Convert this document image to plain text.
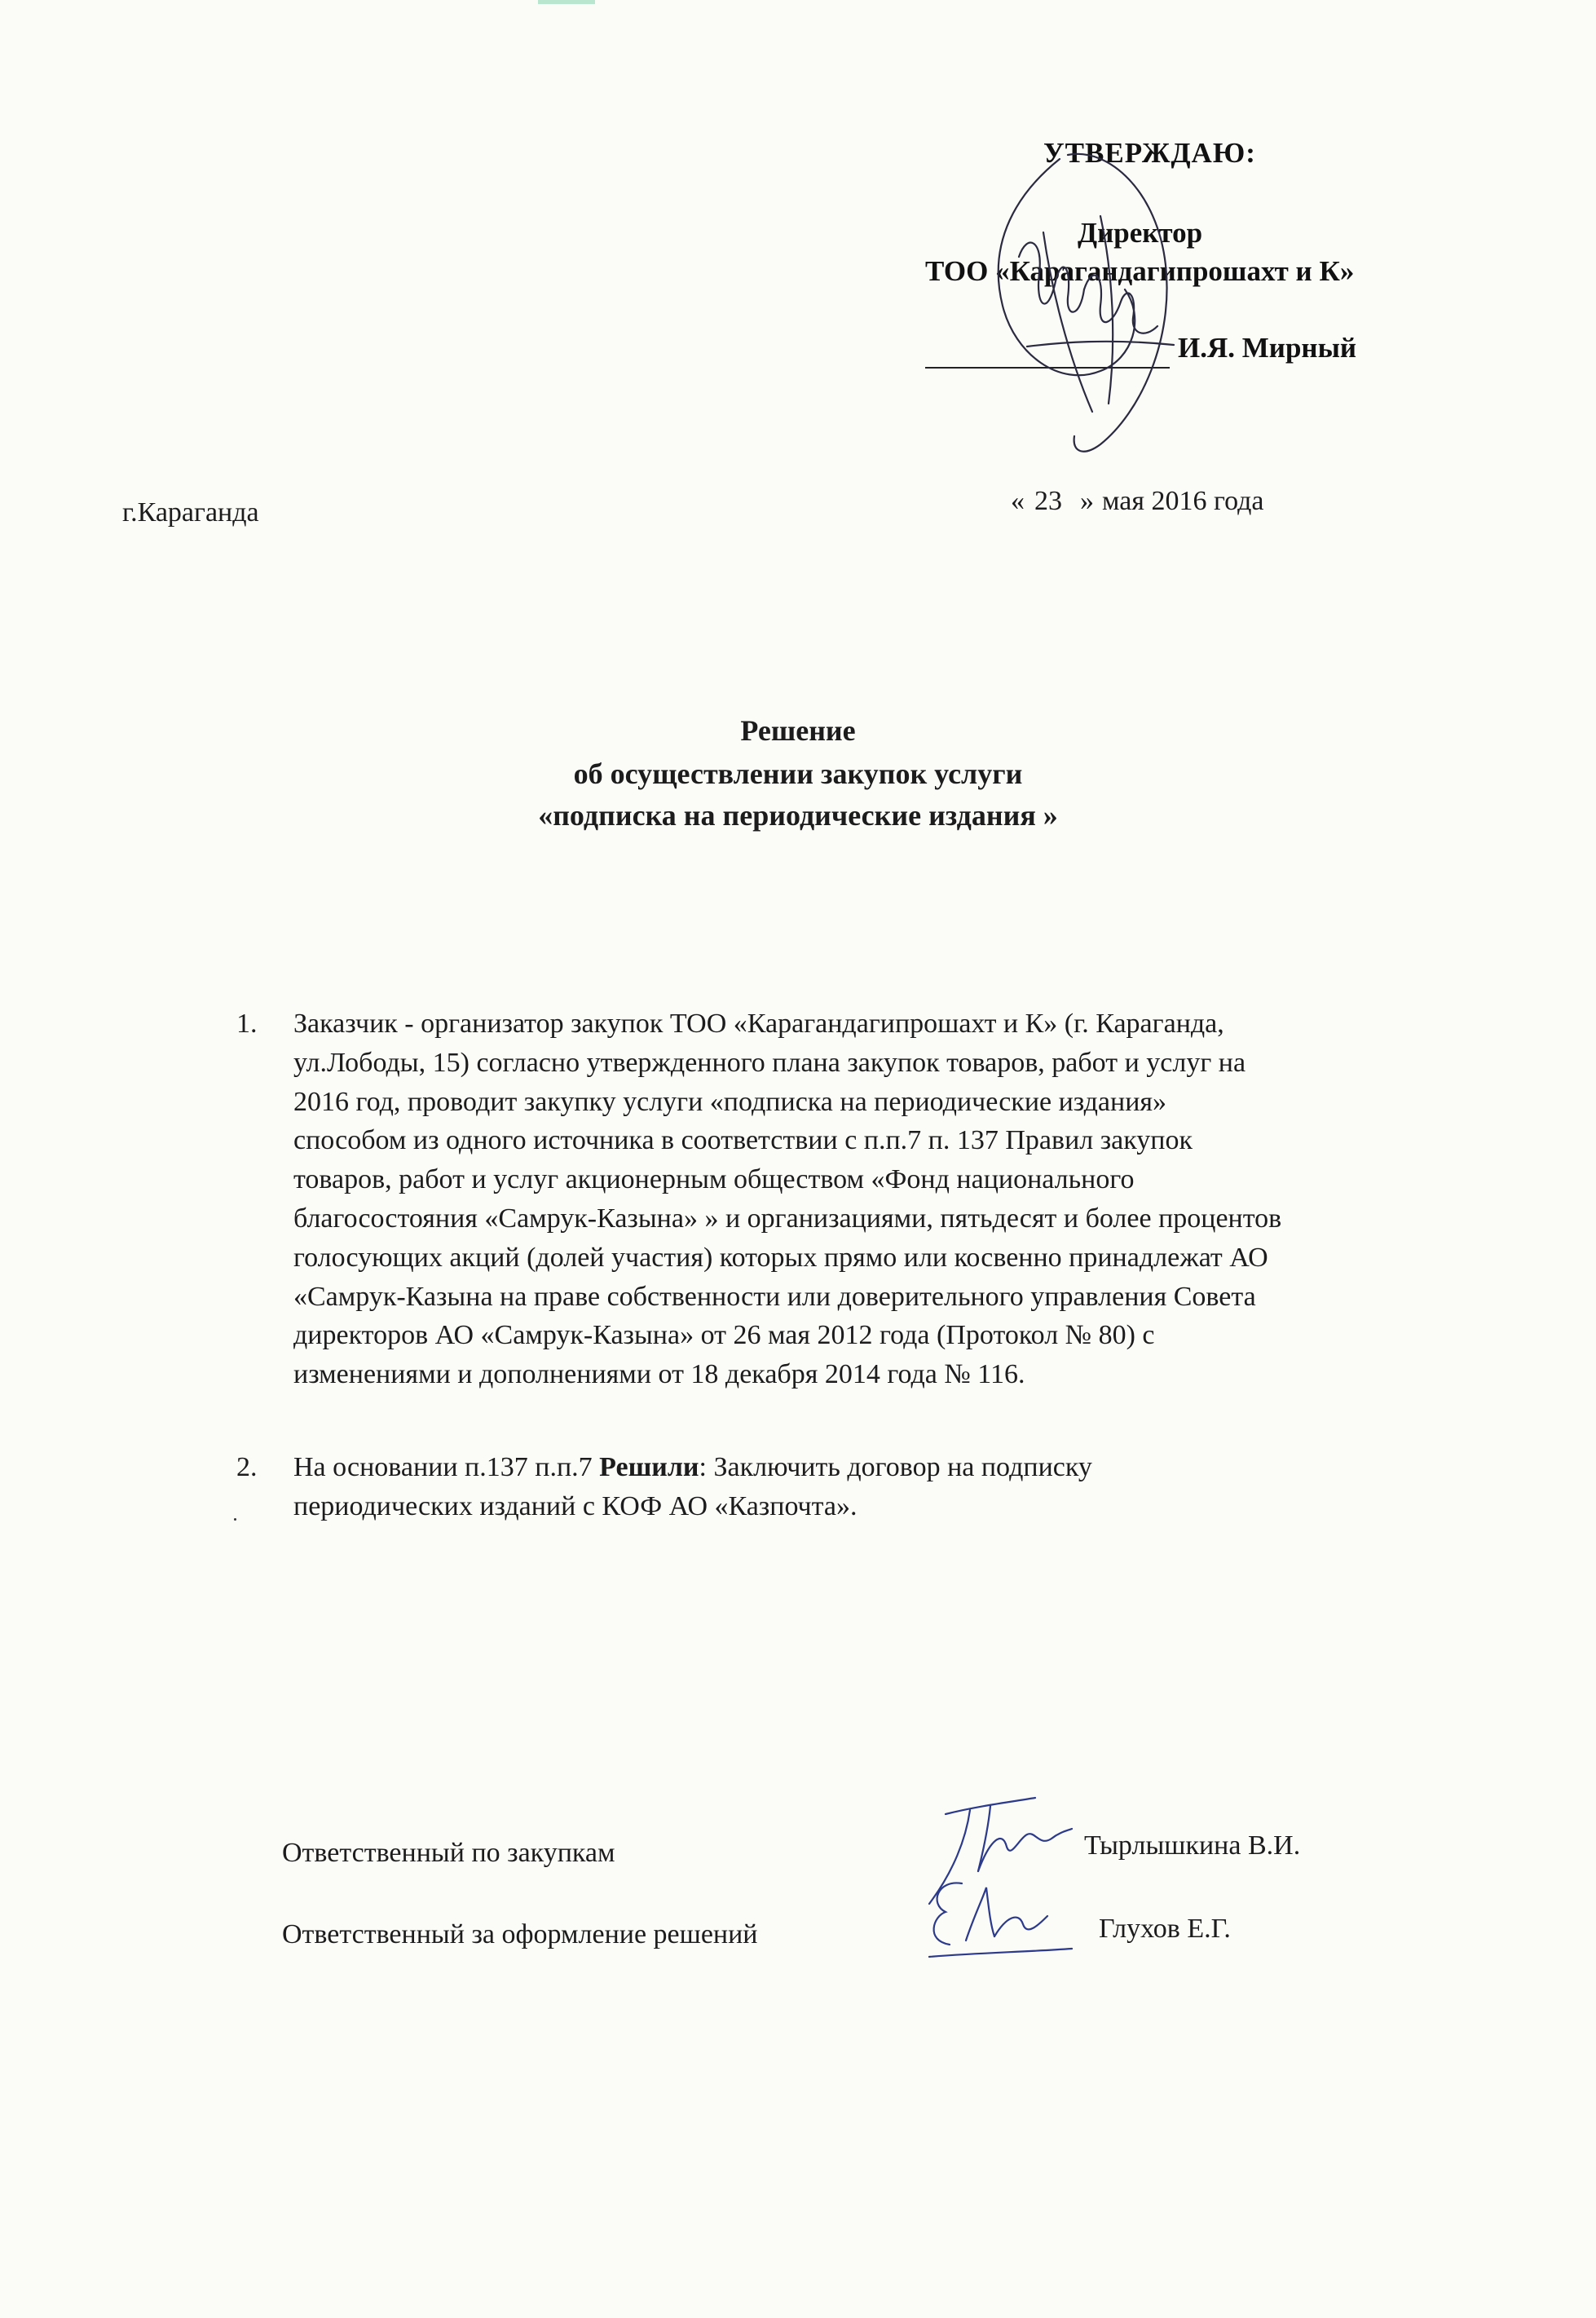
УТВЕРЖДАЮ:
Директор
ТОО «Карагандагипрошахт и К»
И.Я. Мирный
г.Караганда	« 23 » мая 2016 года
Решение
об осуществлении закупок услуги
«подписка на периодические издания »
1.	Заказчик - организатор закупок ТОО «Карагандагипрошахт и К» (г. Караганда,
ул.Лободы, 15) согласно утвержденного плана закупок товаров, работ и услуг на
2016 год, проводит закупку услуги «подписка на периодические издания»
способом из одного источника в соответствии с п.п.7 п. 137 Правил закупок
товаров, работ и услуг акционерным обществом «Фонд национального
благосостояния «Самрук-Казына» » и организациями, пятьдесят и более процентов
голосующих акций (долей участия) которых прямо или косвенно принадлежат АО
«Самрук-Казына на праве собственности или доверительного управления Совета
директоров АО «Самрук-Казына» от 26 мая 2012 года (Протокол № 80) с
изменениями и дополнениями от 18 декабря 2014 года № 116.
2.	На основании п.137 п.п.7 Решили: Заключить договор на подписку
периодических изданий с КОФ АО «Казпочта».
Ответственный по закупкам	Тырлышкина В.И.
Ответственный за оформление решений	Глухов Е.Г.
